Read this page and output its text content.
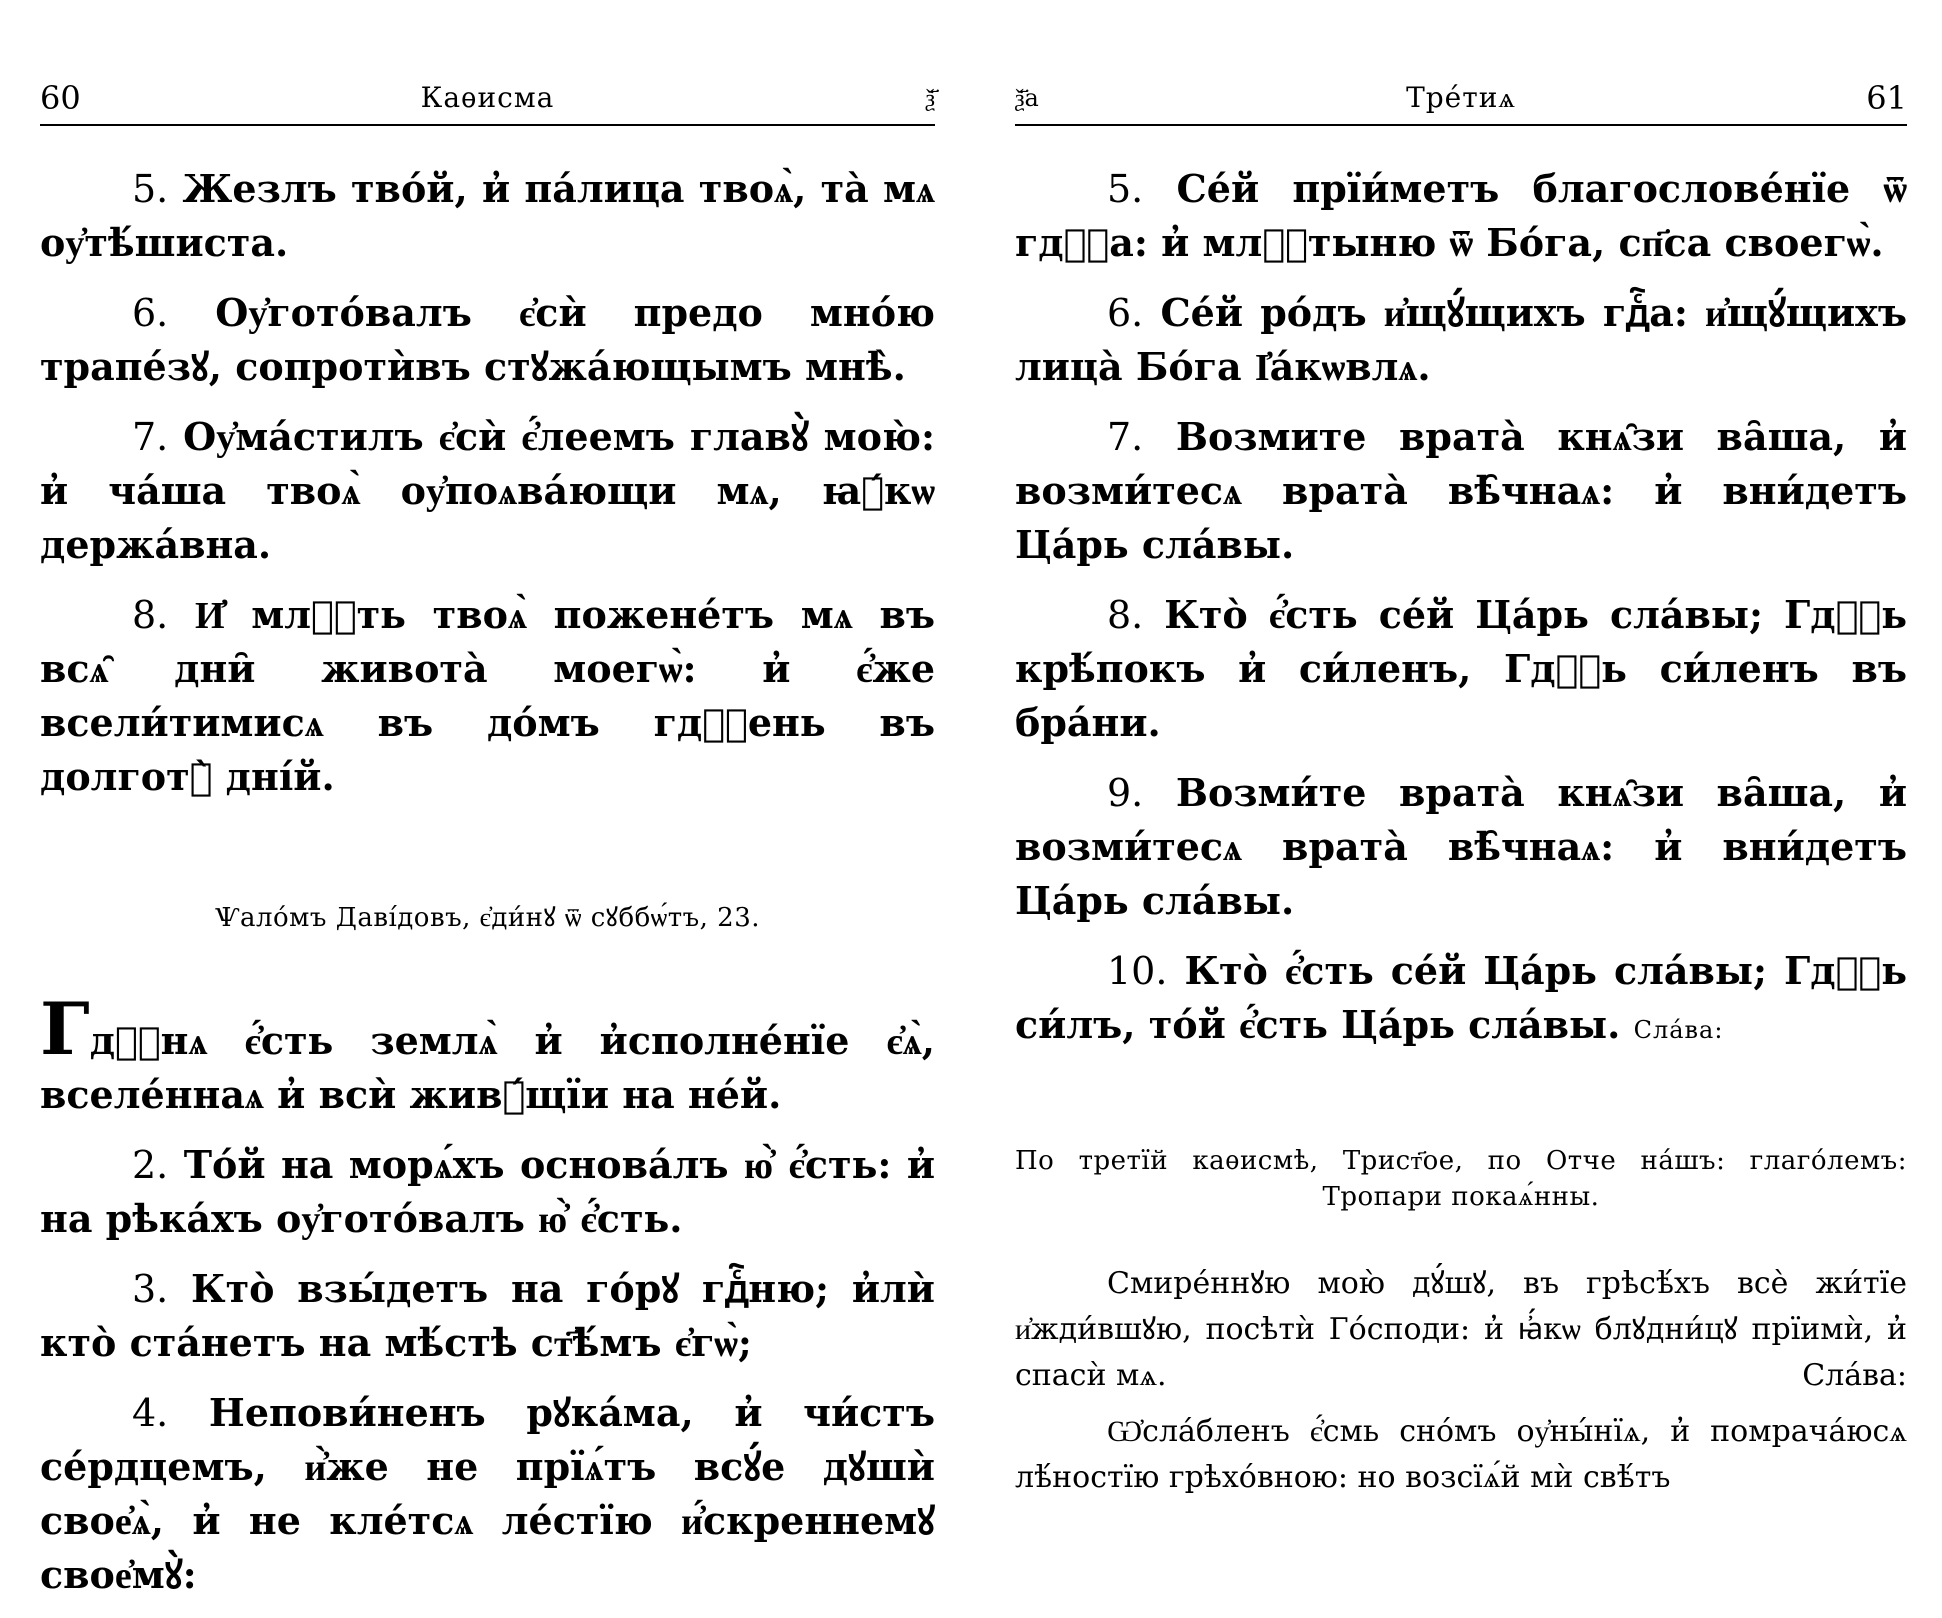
60	Каѳисма	ѯ҃

5. Жезлъ твóй, и̓ пáлица твоѧ̀, тà мѧ оу҆тѣ́шиста.

6. Оу҆готóвалъ є҆сѝ предо мнóю трапéзꙋ, сопротѝвъ стꙋжáющымъ мнѣ̀.

7. Оу҆мáстилъ є҆сѝ є҆́леемъ главꙋ̀ мою̀: и̓ чáша твоѧ̀ оу҆поѧвáющи мѧ, ꙗ҆́кѡ держáвна.

8. И҆ млⷭ҇ть твоѧ̀ пожене́тъ мѧ въ всѧ̑ дни̑ живота̀ моегѡ̀: и̓ є҆́же всели́тимисѧ въ до́мъ гдⷭ҇ень въ долготꙋ̀ дні́й.

Ѱалóмъ Давíдовъ, є҆ди́нꙋ ѿ сꙋббѡ́тъ, 23.

Гдⷭ҇нѧ є҆́сть землѧ̀ и̓ и̓сполне́нїе є҆ѧ̀, вселе́ннаѧ и̓ всѝ живꙋ́щїи на не́й.

2. То́й на морѧ́хъ основа́лъ ю҆̀ є҆́сть: и̓ на рѣка́хъ оу҆гото́валъ ю҆̀ є҆́сть.

3. Кто̀ взы́детъ на го́рꙋ гдⷭ҇ню; и̓лѝ кто̀ ста́нетъ на мѣ́стѣ ст҃ѣ́мъ є҆гѡ̀;

4. Непови́ненъ рꙋка́ма, и̓ чи́стъ се́рдцемъ, и҆̀же не прїѧ́тъ всꙋ́е дꙋшѝ свое҆ѧ̀, и̓ не кле́тсѧ ле́стїю и҆́скреннемꙋ свое҆мꙋ̀:

ѯ҃а	Тре́тиѧ	61

5. Се́й прїи́метъ благослове́нїе ѿ гдⷭ҇а: и̓ млⷭ҇тыню ѿ Бо́га, сп҃са своегѡ̀.

6. Се́й ро́дъ и҆щꙋ́щихъ гдⷭ҇а: и҆щꙋ́щихъ лица̀ Бо́га І҆а́кѡвлѧ.

7. Возмите врата̀ кнѧ̑зи ва̑ша, и̓ возми́тесѧ врата̀ вѣ̑чнаѧ: и̓ вни́детъ Ца́рь сла́вы.

8. Кто̀ є҆́сть се́й Ца́рь сла́вы; Гдⷭ҇ь крѣ́покъ и̓ си́ленъ, Гдⷭ҇ь си́ленъ въ бра́ни.

9. Возми́те врата̀ кнѧ̑зи ва̑ша, и̓ возми́тесѧ врата̀ вѣ̑чнаѧ: и̓ вни́детъ Ца́рь сла́вы.

10. Кто̀ є҆́сть се́й Ца́рь сла́вы; Гдⷭ҇ь си́лъ, то́й є҆́сть Ца́рь сла́вы. Сла́ва:

По третїй каѳисмѣ, Трист҃ое, по Отче на́шъ: глаго́лемъ: Тропари покаѧ́нны.

Смире́ннꙋю мою̀ дꙋ́шꙋ, въ грѣсѣ́хъ всѐ жи́тїе и҆жди́вшꙋю, посѣтѝ Го́споди: и̓ ꙗ҆́кѡ блꙋдни́цꙋ прїимѝ, и̓ спасѝ мѧ.	Сла́ва:

Ѡ҆сла́бленъ є҆́смь сно́мъ оу҆ны́нїѧ, и̓ помрача́юсѧ лѣ́ностїю грѣхо́вною: но возсїѧ́й мѝ свѣ́тъ
